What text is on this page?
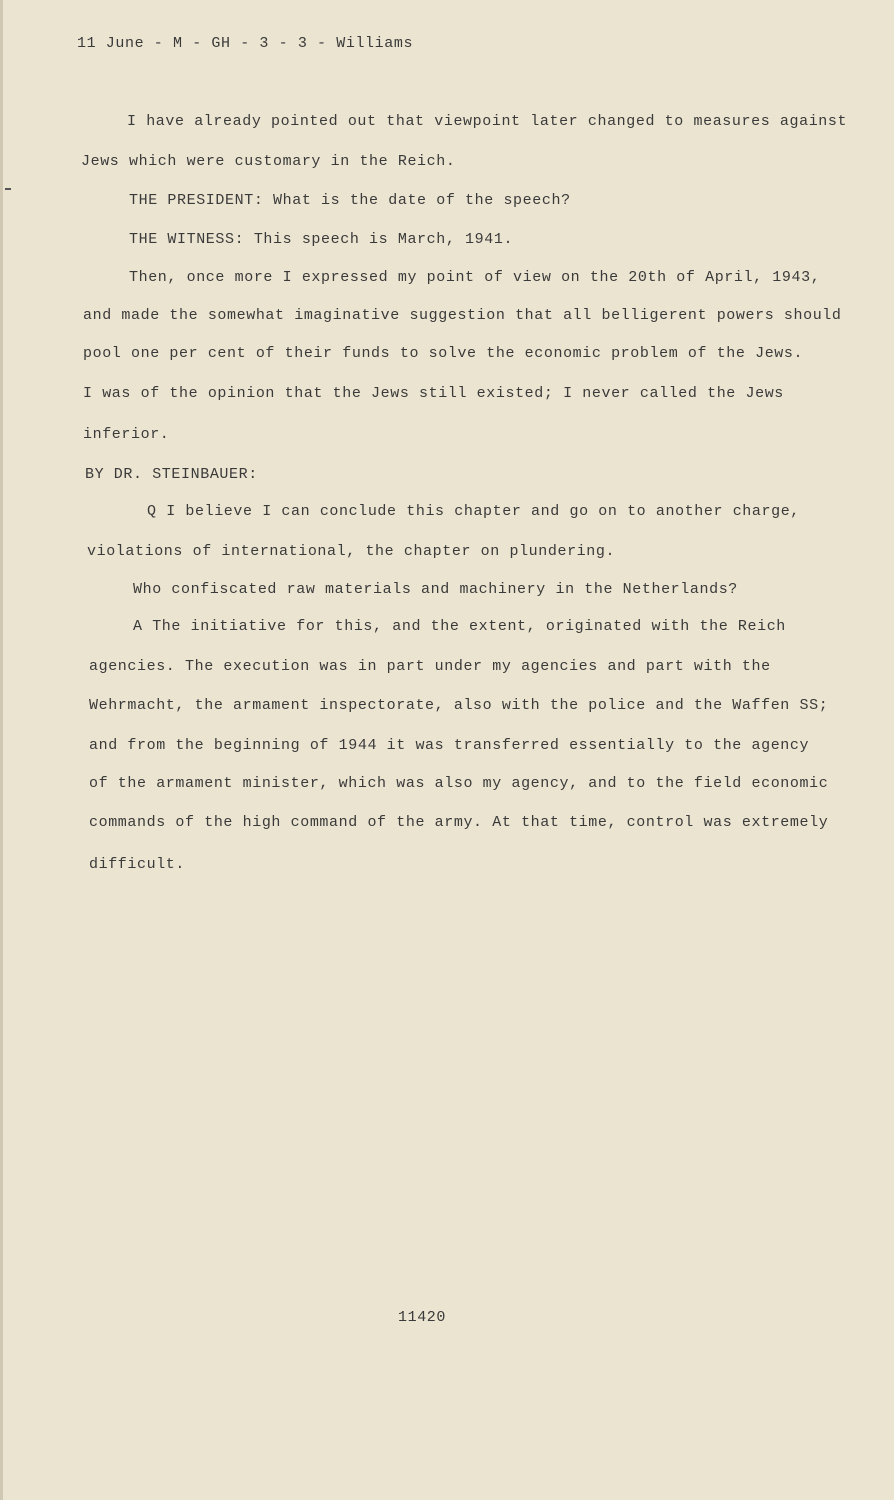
11 June - M - GH - 3 - 3 - Williams
I have already pointed out that viewpoint later changed to measures against
Jews which were customary in the Reich.
THE PRESIDENT: What is the date of the speech?
THE WITNESS: This speech is March, 1941.
Then, once more I expressed my point of view on the 20th of April, 1943,
and made the somewhat imaginative suggestion that all belligerent powers should
pool one per cent of their funds to solve the economic problem of the Jews.
I was of the opinion that the Jews still existed; I never called the Jews
inferior.
BY DR. STEINBAUER:
Q I believe I can conclude this chapter and go on to another charge,
violations of international, the chapter on plundering.
Who confiscated raw materials and machinery in the Netherlands?
A The initiative for this, and the extent, originated with the Reich
agencies. The execution was in part under my agencies and part with the
Wehrmacht, the armament inspectorate, also with the police and the Waffen SS;
and from the beginning of 1944 it was transferred essentially to the agency
of the armament minister, which was also my agency, and to the field economic
commands of the high command of the army. At that time, control was extremely
difficult.
11420
